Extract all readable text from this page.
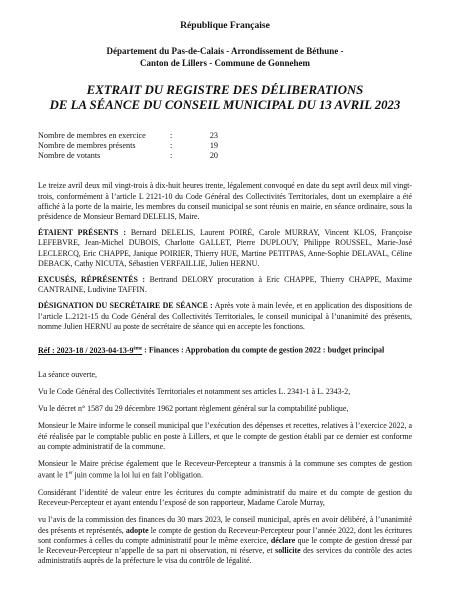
République Française
Département du Pas-de-Calais - Arrondissement de Béthune -
Canton de Lillers - Commune de Gonnehem
EXTRAIT DU REGISTRE DES DÉLIBERATIONS
DE LA SÉANCE DU CONSEIL MUNICIPAL DU 13 AVRIL 2023
Nombre de membres en exercice	:	23
Nombre de membres présents	:	19
Nombre de votants	:	20
Le treize avril deux mil vingt-trois à dix-huit heures trente, légalement convoqué en date du sept avril deux mil vingt-trois, conformément à l’article L 2121-10 du Code Général des Collectivités Territoriales, dont un exemplaire a été affiché à la porte de la mairie, les membres du conseil municipal se sont réunis en mairie, en séance ordinaire, sous la présidence de Monsieur Bernard DELELIS, Maire.
ÉTAIENT PRÉSENTS : Bernard DELELIS, Laurent POIRÉ, Carole MURRAY, Vincent KLOS, Françoise LEFEBVRE, Jean-Michel DUBOIS, Charlotte GALLET, Pierre DUPLOUY, Philippe ROUSSEL, Marie-José LECLERCQ, Eric CHAPPE, Janique POIRIER, Thierry HUE, Martine PETITPAS, Anne-Sophie DELAVAL, Céline DEBACK, Cathy NICUTA, Sébastien VERFAILLIE, Julien HERNU.
EXCUSÉS, RÉPRÉSENTÉS : Bertrand DELORY procuration à Eric CHAPPE, Thierry CHAPPE, Maxime CANTRAINE, Ludivine TAFFIN.
DÉSIGNATION DU SECRÉTAIRE DE SÉANCE : Après vote à main levée, et en application des dispositions de l’article L.2121-15 du Code Général des Collectivités Territoriales, le conseil municipal à l’unanimité des présents, nomme Julien HERNU au poste de secrétaire de séance qui en accepte les fonctions.
Réf : 2023-18 / 2023-04-13-9ème : Finances : Approbation du compte de gestion 2022 : budget principal
La séance ouverte,
Vu le Code Général des Collectivités Territoriales et notamment ses articles L. 2341-1 à L. 2343-2,
Vu le décret n° 1587 du 29 décembre 1962 portant règlement général sur la comptabilité publique,
Monsieur le Maire informe le conseil municipal que l’exécution des dépenses et recettes, relatives à l’exercice 2022, a été réalisée par le comptable public en poste à Lillers, et que le compte de gestion établi par ce dernier est conforme au compte administratif de la commune.
Monsieur le Maire précise également que le Receveur-Percepteur a transmis à la commune ses comptes de gestion avant le 1er juin comme la loi lui en fait l’obligation.
Considérant l’identité de valeur entre les écritures du compte administratif du maire et du compte de gestion du Receveur-Percepteur et ayant entendu l’exposé de son rapporteur, Madame Carole Murray,
vu l’avis de la commission des finances du 30 mars 2023, le conseil municipal, après en avoir délibéré, à l’unanimité des présents et représentés, adopte le compte de gestion du Receveur-Percepteur pour l’année 2022, dont les écritures sont conformes à celles du compte administratif pour le même exercice, déclare que le compte de gestion dressé par le Receveur-Percepteur n’appelle de sa part ni observation, ni réserve, et sollicite des services du contrôle des actes administratifs auprès de la préfecture le visa du contrôle de légalité.
